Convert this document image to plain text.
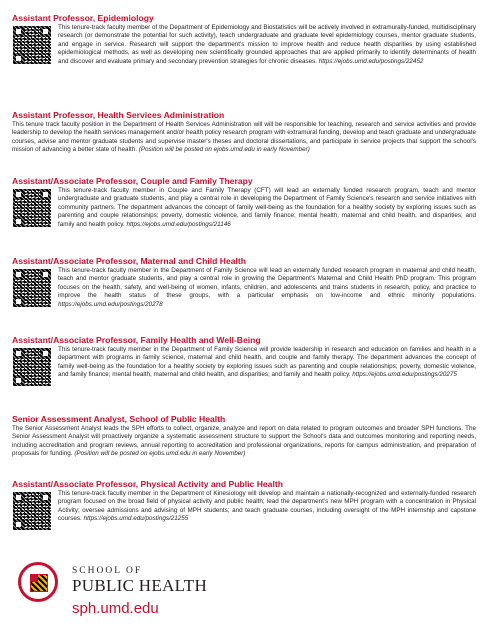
Assistant Professor, Epidemiology

This tenure-track faculty member of the Department of Epidemiology and Biostatistics will be actively involved in extramurally-funded, multidisciplinary research (or demonstrate the potential for such activity), teach undergraduate and graduate level epidemiology courses, mentor graduate students, and engage in service. Research will support the department's mission to improve health and reduce health disparities by using established epidemiological methods, as well as developing new scientifically grounded approaches that are applied primarily to identify determinants of health and discover and evaluate primary and secondary prevention strategies for chronic diseases. https://ejobs.umd.edu/postings/22452

Assistant Professor, Health Services Administration

This tenure track faculty position in the Department of Health Services Administration will will be responsible for teaching, research and service activities and provide leadership to develop the health services management and/or health policy research program with extramural funding, develop and teach graduate and undergraduate courses, advise and mentor graduate students and supervise master's theses and doctoral dissertations, and participate in service projects that support the school's mission of advancing a better state of health. (Position will be posted on ejobs.umd.edu in early November)

Assistant/Associate Professor, Couple and Family Therapy

This tenure-track faculty member in Couple and Family Therapy (CFT) will lead an externally funded research program, teach and mentor undergraduate and graduate students, and play a central role in developing the Department of Family Science's research and service initiatives with community partners. The department advances the concept of family well-being as the foundation for a healthy society by exploring issues such as parenting and couple relationships; poverty, domestic violence, and family finance; mental health, maternal and child health, and disparities; and family and health policy. https://ejobs.umd.edu/postings/21146

Assistant/Associate Professor, Maternal and Child Health

This tenure-track faculty member in the Department of Family Science will lead an externally funded research program in maternal and child health, teach and mentor graduate students, and play a central role in growing the Department's Maternal and Child Health PhD program. This program focuses on the health, safety, and well-being of women, infants, children, and adolescents and trains students in research, policy, and practice to improve the health status of these groups, with a particular emphasis on low-income and ethnic minority populations. https://ejobs.umd.edu/postings/20278

Assistant/Associate Professor, Family Health and Well-Being

This tenure-track faculty member in the Department of Family Science will provide leadership in research and education on families and health in a department with programs in family science, maternal and child health, and couple and family therapy. The department advances the concept of family well-being as the foundation for a healthy society by exploring issues such as parenting and couple relationships; poverty, domestic violence, and family finance; mental health, maternal and child health, and disparities; and family and health policy. https://ejobs.umd.edu/postings/20275

Senior Assessment Analyst, School of Public Health

The Senior Assessment Analyst leads the SPH efforts to collect, organize, analyze and report on data related to program outcomes and broader SPH functions. The Senior Assessment Analyst will proactively organize a systematic assessment structure to support the School's data and outcomes monitoring and reporting needs, including accreditation and program reviews, annual reporting to accreditation and professional organizations, reports for campus administration, and preparation of proposals for funding. (Position will be posted on ejobs.umd.edu in early November)

Assistant/Associate Professor, Physical Activity and Public Health

This tenure-track faculty member in the Department of Kinesiology will develop and maintain a nationally-recognized and externally-funded research program focused on the broad field of physical activity and public health; lead the department's new MPH program with a concentration in Physical Activity; oversee admissions and advising of MPH students; and teach graduate courses, including oversight of the MPH internship and capstone courses. https://ejobs.umd.edu/postings/21255

SCHOOL OF
PUBLIC HEALTH
sph.umd.edu
